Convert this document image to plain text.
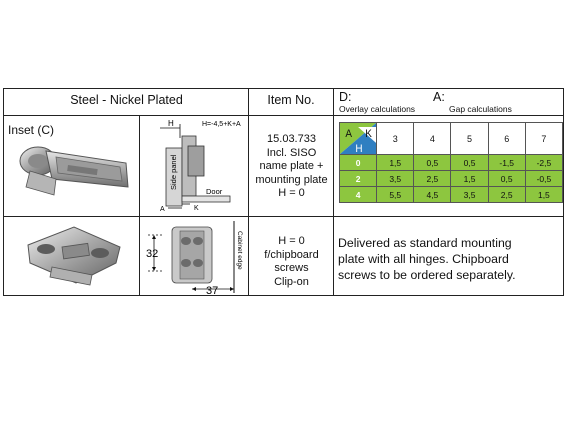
Steel - Nickel Plated	Item No.	D:
Overlay calculations
A:
Gap calculations
Inset (C)	H	H=-4,5+K+A
Side panel
Door
A	K
15.03.733
Incl. SISO
name plate +
mounting plate
H = 0
32
37
Cabinet edge	H = 0
f/chipboard
screws
Clip-on
Delivered as standard mounting
plate with all hinges. Chipboard
screws to be ordered separately.
A K
H	3	4	5	6	7
0	1,5	0,5	0,5	-1,5	-2,5
2	3,5	2,5	1,5	0,5	-0,5
4	5,5	4,5	3,5	2,5	1,5
